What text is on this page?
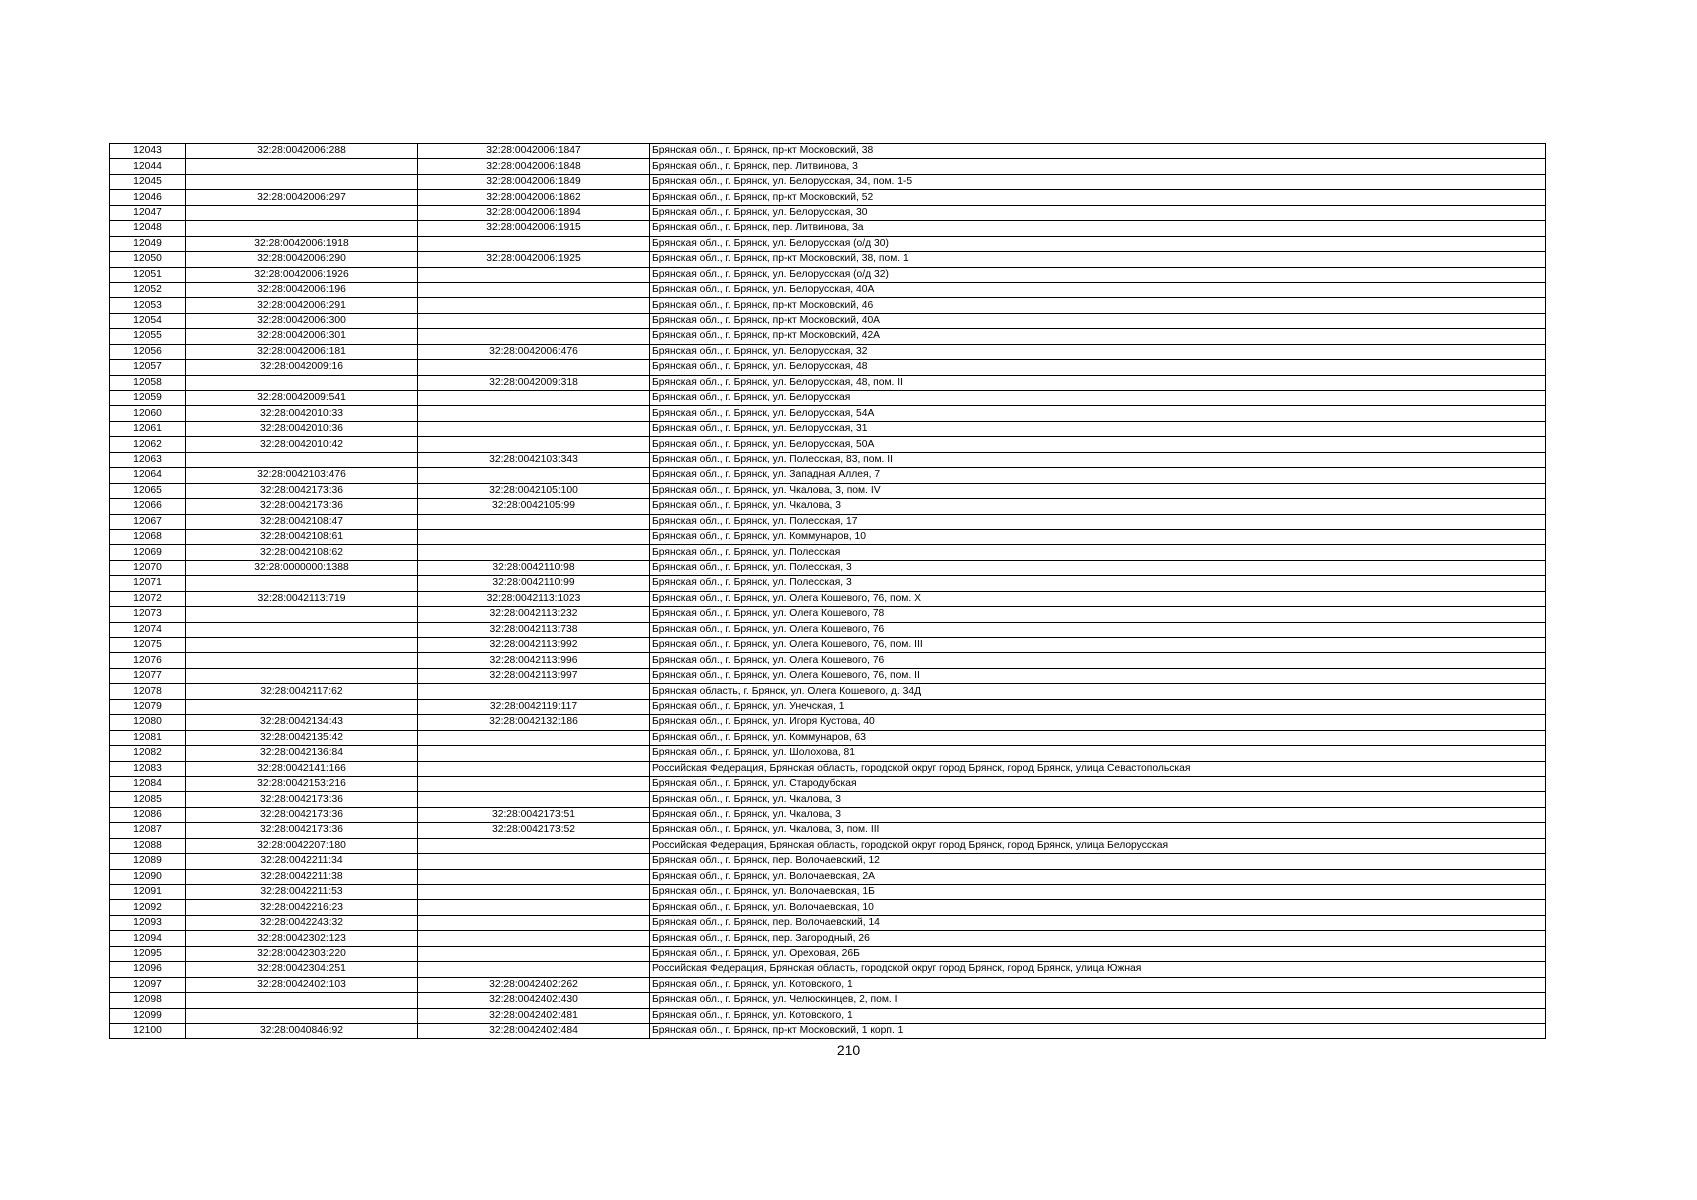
12043	32:28:0042006:288	32:28:0042006:1847	Брянская обл., г. Брянск, пр-кт Московский, 38
12044		32:28:0042006:1848	Брянская обл., г. Брянск, пер. Литвинова, 3
12045		32:28:0042006:1849	Брянская обл., г. Брянск, ул. Белорусская, 34, пом. 1-5
12046	32:28:0042006:297	32:28:0042006:1862	Брянская обл., г. Брянск, пр-кт Московский, 52
12047		32:28:0042006:1894	Брянская обл., г. Брянск, ул. Белорусская, 30
12048		32:28:0042006:1915	Брянская обл., г. Брянск, пер. Литвинова, 3а
12049	32:28:0042006:1918		Брянская обл., г. Брянск, ул. Белорусская (о/д 30)
12050	32:28:0042006:290	32:28:0042006:1925	Брянская обл., г. Брянск, пр-кт Московский, 38, пом. 1
12051	32:28:0042006:1926		Брянская обл., г. Брянск, ул. Белорусская (о/д 32)
12052	32:28:0042006:196		Брянская обл., г. Брянск, ул. Белорусская, 40А
12053	32:28:0042006:291		Брянская обл., г. Брянск, пр-кт Московский, 46
12054	32:28:0042006:300		Брянская обл., г. Брянск, пр-кт Московский, 40А
12055	32:28:0042006:301		Брянская обл., г. Брянск, пр-кт Московский, 42А
12056	32:28:0042006:181	32:28:0042006:476	Брянская обл., г. Брянск, ул. Белорусская, 32
12057	32:28:0042009:16		Брянская обл., г. Брянск, ул. Белорусская, 48
12058		32:28:0042009:318	Брянская обл., г. Брянск, ул. Белорусская, 48, пом. II
12059	32:28:0042009:541		Брянская обл., г. Брянск, ул. Белорусская
12060	32:28:0042010:33		Брянская обл., г. Брянск, ул. Белорусская, 54А
12061	32:28:0042010:36		Брянская обл., г. Брянск, ул. Белорусская, 31
12062	32:28:0042010:42		Брянская обл., г. Брянск, ул. Белорусская, 50А
12063		32:28:0042103:343	Брянская обл., г. Брянск, ул. Полесская, 83, пом. II
12064	32:28:0042103:476		Брянская обл., г. Брянск, ул. Западная Аллея, 7
12065	32:28:0042173:36	32:28:0042105:100	Брянская обл., г. Брянск, ул. Чкалова, 3, пом. IV
12066	32:28:0042173:36	32:28:0042105:99	Брянская обл., г. Брянск, ул. Чкалова, 3
12067	32:28:0042108:47		Брянская обл., г. Брянск, ул. Полесская, 17
12068	32:28:0042108:61		Брянская обл., г. Брянск, ул. Коммунаров, 10
12069	32:28:0042108:62		Брянская обл., г. Брянск, ул. Полесская
12070	32:28:0000000:1388	32:28:0042110:98	Брянская обл., г. Брянск, ул. Полесская, 3
12071		32:28:0042110:99	Брянская обл., г. Брянск, ул. Полесская, 3
12072	32:28:0042113:719	32:28:0042113:1023	Брянская обл., г. Брянск, ул. Олега Кошевого, 76, пом. X
12073		32:28:0042113:232	Брянская обл., г. Брянск, ул. Олега Кошевого, 78
12074		32:28:0042113:738	Брянская обл., г. Брянск, ул. Олега Кошевого, 76
12075		32:28:0042113:992	Брянская обл., г. Брянск, ул. Олега Кошевого, 76, пом. III
12076		32:28:0042113:996	Брянская обл., г. Брянск, ул. Олега Кошевого, 76
12077		32:28:0042113:997	Брянская обл., г. Брянск, ул. Олега Кошевого, 76, пом. II
12078	32:28:0042117:62		Брянская область, г. Брянск, ул. Олега Кошевого, д. 34Д
12079		32:28:0042119:117	Брянская обл., г. Брянск, ул. Унечская, 1
12080	32:28:0042134:43	32:28:0042132:186	Брянская обл., г. Брянск, ул. Игоря Кустова, 40
12081	32:28:0042135:42		Брянская обл., г. Брянск, ул. Коммунаров, 63
12082	32:28:0042136:84		Брянская обл., г. Брянск, ул. Шолохова, 81
12083	32:28:0042141:166		Российская Федерация, Брянская область, городской округ город Брянск, город Брянск, улица Севастопольская
12084	32:28:0042153:216		Брянская обл., г. Брянск, ул. Стародубская
12085	32:28:0042173:36		Брянская обл., г. Брянск, ул. Чкалова, 3
12086	32:28:0042173:36	32:28:0042173:51	Брянская обл., г. Брянск, ул. Чкалова, 3
12087	32:28:0042173:36	32:28:0042173:52	Брянская обл., г. Брянск, ул. Чкалова, 3, пом. III
12088	32:28:0042207:180		Российская Федерация, Брянская область, городской округ город Брянск, город Брянск, улица Белорусская
12089	32:28:0042211:34		Брянская обл., г. Брянск, пер. Волочаевский, 12
12090	32:28:0042211:38		Брянская обл., г. Брянск, ул. Волочаевская, 2А
12091	32:28:0042211:53		Брянская обл., г. Брянск, ул. Волочаевская, 1Б
12092	32:28:0042216:23		Брянская обл., г. Брянск, ул. Волочаевская, 10
12093	32:28:0042243:32		Брянская обл., г. Брянск, пер. Волочаевский, 14
12094	32:28:0042302:123		Брянская обл., г. Брянск, пер. Загородный, 26
12095	32:28:0042303:220		Брянская обл., г. Брянск, ул. Ореховая, 26Б
12096	32:28:0042304:251		Российская Федерация, Брянская область, городской округ город Брянск, город Брянск, улица Южная
12097	32:28:0042402:103	32:28:0042402:262	Брянская обл., г. Брянск, ул. Котовского, 1
12098		32:28:0042402:430	Брянская обл., г. Брянск, ул. Челюскинцев, 2, пом. I
12099		32:28:0042402:481	Брянская обл., г. Брянск, ул. Котовского, 1
12100	32:28:0040846:92	32:28:0042402:484	Брянская обл., г. Брянск, пр-кт Московский, 1 корп. 1
210
